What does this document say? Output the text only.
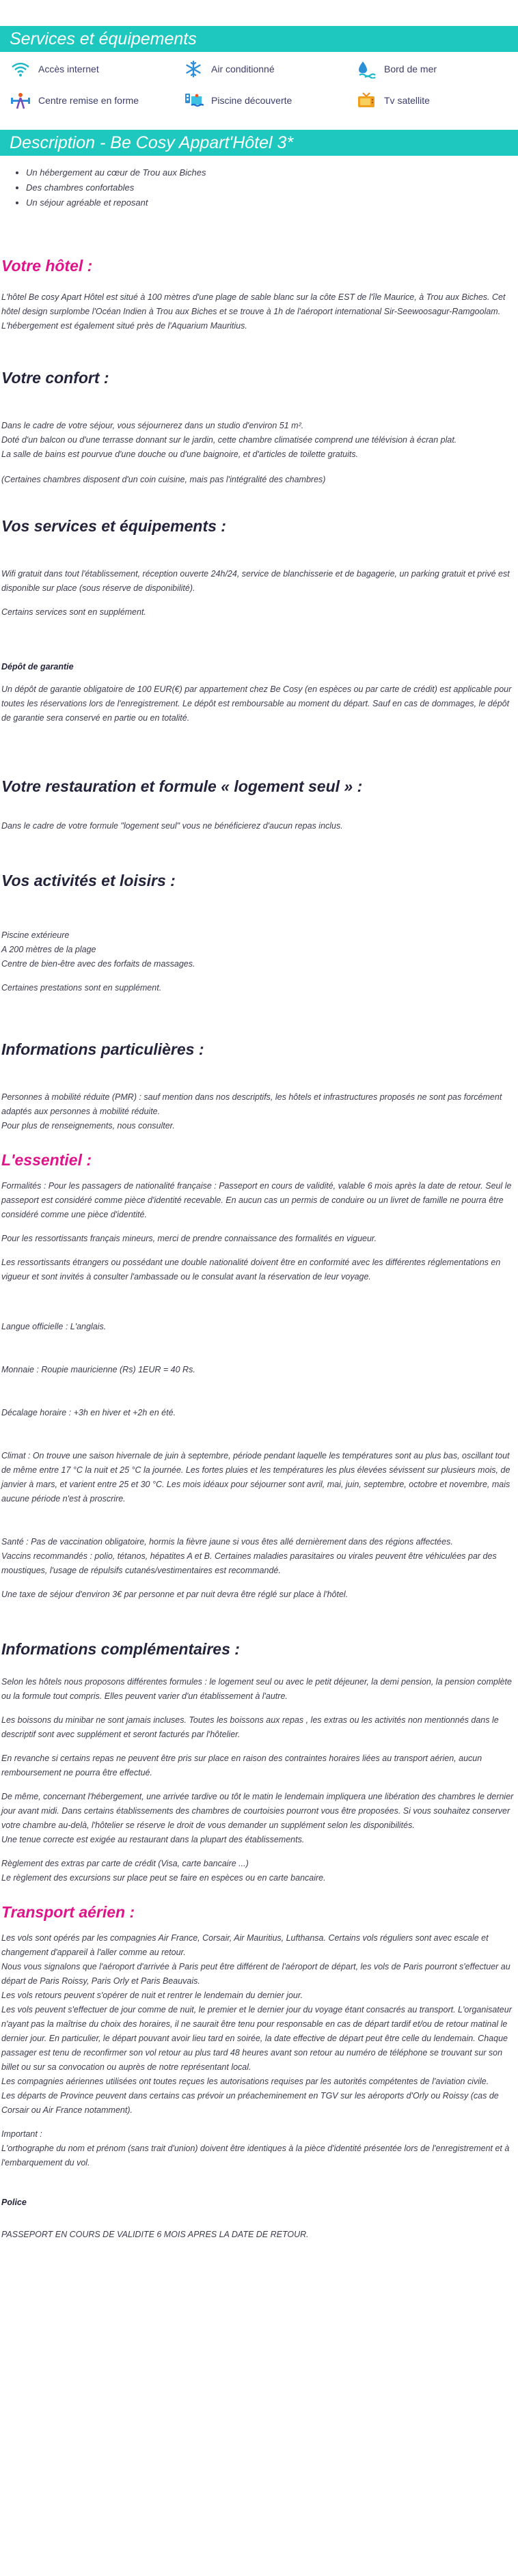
Services et équipements
Accès internet	Air conditionné	Bord de mer
Centre remise en forme	Piscine découverte	Tv satellite
Description - Be Cosy Appart'Hôtel 3*
• Un hébergement au cœur de Trou aux Biches
• Des chambres confortables
• Un séjour agréable et reposant
Votre hôtel :

L'hôtel Be cosy Apart Hôtel est situé à 100 mètres d'une plage de sable blanc sur la côte EST de l'île Maurice, à Trou aux Biches. Cet hôtel design surplombe l'Océan Indien à Trou aux Biches et se trouve à 1h de l'aéroport international Sir-Seewoosagur-Ramgoolam. L'hébergement est également situé près de l'Aquarium Mauritius.

Votre confort :

Dans le cadre de votre séjour, vous séjournerez dans un studio d'environ 51 m².

Doté d'un balcon ou d'une terrasse donnant sur le jardin, cette chambre climatisée comprend une télévision à écran plat.

La salle de bains est pourvue d'une douche ou d'une baignoire, et d'articles de toilette gratuits.

(Certaines chambres disposent d'un coin cuisine, mais pas l'intégralité des chambres)

Vos services et équipements :

Wifi gratuit dans tout l'établissement, réception ouverte 24h/24, service de blanchisserie et de bagagerie, un parking gratuit et privé est disponible sur place (sous réserve de disponibilité).

Certains services sont en supplément.

Dépôt de garantie

Un dépôt de garantie obligatoire de 100 EUR(€) par appartement chez Be Cosy (en espèces ou par carte de crédit) est applicable pour toutes les réservations lors de l'enregistrement. Le dépôt est remboursable au moment du départ. Sauf en cas de dommages, le dépôt de garantie sera conservé en partie ou en totalité.

Votre restauration et formule « logement seul » :

Dans le cadre de votre formule "logement seul" vous ne bénéficierez d'aucun repas inclus.

Vos activités et loisirs :

Piscine extérieure

A 200 mètres de la plage

Centre de bien-être avec des forfaits de massages.

Certaines prestations sont en supplément.

Informations particulières :

Personnes à mobilité réduite (PMR) : sauf mention dans nos descriptifs, les hôtels et infrastructures proposés ne sont pas forcément adaptés aux personnes à mobilité réduite.

Pour plus de renseignements, nous consulter.

L'essentiel :

Formalités : Pour les passagers de nationalité française : Passeport en cours de validité, valable 6 mois après la date de retour. Seul le passeport est considéré comme pièce d'identité recevable. En aucun cas un permis de conduire ou un livret de famille ne pourra être considéré comme une pièce d'identité.

Pour les ressortissants français mineurs, merci de prendre connaissance des formalités en vigueur.

Les ressortissants étrangers ou possédant une double nationalité doivent être en conformité avec les différentes réglementations en vigueur et sont invités à consulter l'ambassade ou le consulat avant la réservation de leur voyage.

Langue officielle : L'anglais.

Monnaie : Roupie mauricienne (Rs) 1EUR = 40 Rs.

Décalage horaire : +3h en hiver et +2h en été.

Climat : On trouve une saison hivernale de juin à septembre, période pendant laquelle les températures sont au plus bas, oscillant tout de même entre 17 °C la nuit et 25 °C la journée. Les fortes pluies et les températures les plus élevées sévissent sur plusieurs mois, de janvier à mars, et varient entre 25 et 30 °C. Les mois idéaux pour séjourner sont avril, mai, juin, septembre, octobre et novembre, mais aucune période n'est à proscrire.

Santé : Pas de vaccination obligatoire, hormis la fièvre jaune si vous êtes allé dernièrement dans des régions affectées.

Vaccins recommandés : polio, tétanos, hépatites A et B. Certaines maladies parasitaires ou virales peuvent être véhiculées par des moustiques, l'usage de répulsifs cutanés/vestimentaires est recommandé.

Une taxe de séjour d'environ 3€ par personne et par nuit devra être réglé sur place à l'hôtel.

Informations complémentaires :

Selon les hôtels nous proposons différentes formules : le logement seul ou avec le petit déjeuner, la demi pension, la pension complète ou la formule tout compris. Elles peuvent varier d'un établissement à l'autre.

Les boissons du minibar ne sont jamais incluses. Toutes les boissons aux repas , les extras ou les activités non mentionnés dans le descriptif sont avec supplément et seront facturés par l'hôtelier.

En revanche si certains repas ne peuvent être pris sur place en raison des contraintes horaires liées au transport aérien, aucun remboursement ne pourra être effectué.

De même, concernant l'hébergement, une arrivée tardive ou tôt le matin le lendemain impliquera une libération des chambres le dernier jour avant midi. Dans certains établissements des chambres de courtoisies pourront vous être proposées. Si vous souhaitez conserver votre chambre au-delà, l'hôtelier se réserve le droit de vous demander un supplément selon les disponibilités.

Une tenue correcte est exigée au restaurant dans la plupart des établissements.

Règlement des extras par carte de crédit (Visa, carte bancaire ...)

Le règlement des excursions sur place peut se faire en espèces ou en carte bancaire.

Transport aérien :

Les vols sont opérés par les compagnies Air France, Corsair, Air Mauritius, Lufthansa. Certains vols réguliers sont avec escale et changement d'appareil à l'aller comme au retour.

Nous vous signalons que l'aéroport d'arrivée à Paris peut être différent de l'aéroport de départ, les vols de Paris pourront s'effectuer au départ de Paris Roissy, Paris Orly et Paris Beauvais.

Les vols retours peuvent s'opérer de nuit et rentrer le lendemain du dernier jour.

Les vols peuvent s'effectuer de jour comme de nuit, le premier et le dernier jour du voyage étant consacrés au transport. L'organisateur n'ayant pas la maîtrise du choix des horaires, il ne saurait être tenu pour responsable en cas de départ tardif et/ou de retour matinal le dernier jour. En particulier, le départ pouvant avoir lieu tard en soirée, la date effective de départ peut être celle du lendemain. Chaque passager est tenu de reconfirmer son vol retour au plus tard 48 heures avant son retour au numéro de téléphone se trouvant sur son billet ou sur sa convocation ou auprès de notre représentant local.

Les compagnies aériennes utilisées ont toutes reçues les autorisations requises par les autorités compétentes de l'aviation civile.

Les départs de Province peuvent dans certains cas prévoir un préacheminement en TGV sur les aéroports d'Orly ou Roissy (cas de Corsair ou Air France notamment).

Important :

L'orthographe du nom et prénom (sans trait d'union) doivent être identiques à la pièce d'identité présentée lors de l'enregistrement et à l'embarquement du vol.

Police

PASSEPORT EN COURS DE VALIDITE 6 MOIS APRES LA DATE DE RETOUR.
